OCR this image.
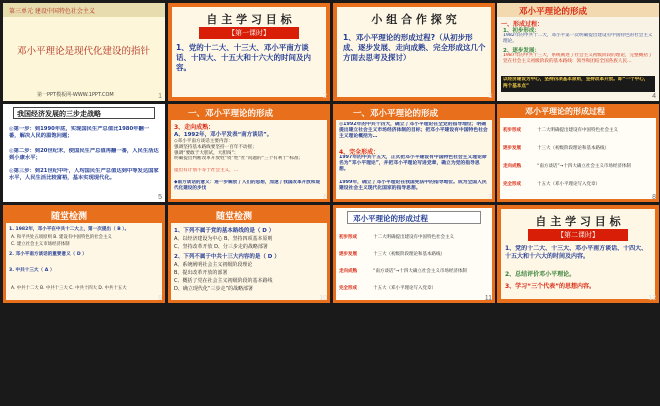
第三单元 建设中国特色社会主义
邓小平理论是现代化建设的指针
第一PPT模板网-WWW.1PPT.COM	1
自 主 学 习 目 标
【第一课时】
1、党的十二大、十三大、邓小平南方谈话、十四大、十五大和十六大的时间及内容。
2
小 组 合 作 探 究
1、邓小平理论的形成过程?（从初步形成、逐步发展、走向成熟、完全形成这几个方面去思考及探讨）
3
邓小平理论的形成
一、形成过程：
1、初步形成：
1982年的中共十二大，邓小平第一次明确提出建设有中国特色的社会主义理论。
2、逐步发展：
1987年的中共十三大，系统阐述了社会主义初级阶段的理论，完整概括了党在社会主义初级阶段的基本路线：领导和团结全国各族人民…
以经济建设为中心，坚持四项基本原则，坚持改革开放。即“一个中心，两个基本点”
4
我国经济发展的三步走战略
◎第一步：到1990年底，实现国民生产总值比1980年翻一番，解决人民的温饱问题；
◎第二步：到20世纪末，使国民生产总值再翻一番，人民生活达到小康水平；
◎第三步：到21世纪中叶，人均国民生产总值达到中等发达国家水平，人民生活比较富裕，基本实现现代化。
5
一、邓小平理论的形成
3、走向成熟：
A、1992年，邓小平发表“南方谈话”。
◇邓小平南方谈话主要内容：
强调坚持基本路线要坚持一百年不动摇；
强调“要敢于大胆试，大胆闯”；
明确提出判断改革开放姓“资”姓“社”问题的“三个有利于”标准；
提出有计划不等于社会主义，…
◆南方谈话的意义：进一步解放了人们的思想，加速了我国改革开放和现代化建设的步伐
6
一、邓小平理论的形成
◎1992年的中共十四大，确立了邓小平理论在全党的指导地位；明确提出建立社会主义市场经济体制的目标；把邓小平建设有中国特色社会主义理论概括为…
4、完全形成：
1997年的中共十五大，正式把邓小平建设有中国特色社会主义理论命名为“邓小平理论”，并把邓小平理论写进党章，确立为党的指导思想。
1999年，确立了邓小平理论在我国宪法中的指导地位。成为全国人民建设社会主义现代化国家的指导思想。
7
邓小平理论的形成过程
初步形成	十二大明确提出建设有中国特色社会主义
逐步发展	十三大（初级阶段理论和基本路线）
走向成熟	“南方谈话”→十四大确立社会主义市场经济体制
完全形成	十五大（邓小平理论写入党章）
8
随堂检测
1. 1982年，邓小平在中共十二大上，第一次提出（ B ）。
A. 和平共处五项原则 B. 建设有中国特色的社会主义
C. 建立社会主义市场经济体制
2. 邓小平南方谈话的重要意义（ D ）
3. 中共十三大（ A ）
A. 中共十二大 B. 中共十三大 C. 中共十四大 D. 中共十五大
9
随堂检测
1、下列不属于党的基本路线的是（ D ）
A、以经济建设为中心 B、坚持四项基本原则
C、坚持改革开放 D、分三步走的战略部署
2、下列不属于中共十三大内容的是（ D ）
A、系统阐明社会主义初级阶段理论
B、提出改革开放的部署
C、概括了党在社会主义初级阶段的基本路线
D、确立现代化“三步走”的战略部署
10
邓小平理论的形成过程
初步形成	十二大明确提出建设有中国特色社会主义
逐步发展	十三大（初级阶段理论和基本路线）
走向成熟	“南方谈话”→十四大确立社会主义市场经济体制
完全形成	十五大（邓小平理论写入党章）
11
自 主 学 习 目 标
【第二课时】
1、党的十二大、十三大、邓小平南方谈话、十四大、十五大和十六大的时间及内容。
2、总结评价邓小平理论。
3、学习“三个代表”的思想内容。
12
